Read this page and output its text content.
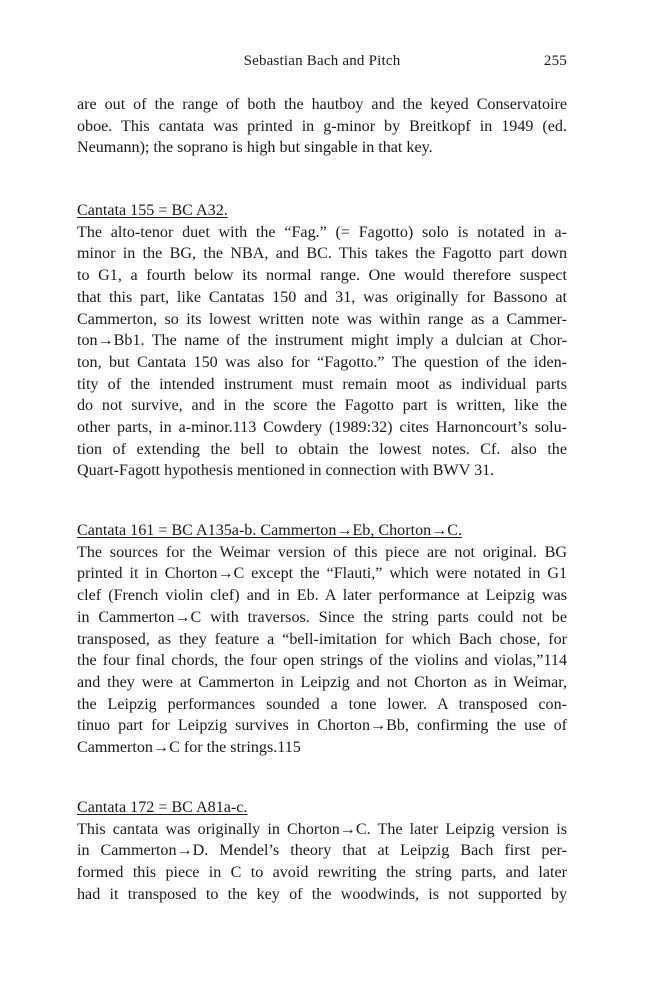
Sebastian Bach and Pitch	255

are out of the range of both the hautboy and the keyed Conservatoire
oboe. This cantata was printed in g-minor by Breitkopf in 1949 (ed.
Neumann); the soprano is high but singable in that key.

Cantata 155 = BC A32.

The alto-tenor duet with the “Fag.” (= Fagotto) solo is notated in a-
minor in the BG, the NBA, and BC. This takes the Fagotto part down
to G1, a fourth below its normal range. One would therefore suspect
that this part, like Cantatas 150 and 31, was originally for Bassono at
Cammerton, so its lowest written note was within range as a Cammer-
ton→Bb1. The name of the instrument might imply a dulcian at Chor-
ton, but Cantata 150 was also for “Fagotto.” The question of the iden-
tity of the intended instrument must remain moot as individual parts
do not survive, and in the score the Fagotto part is written, like the
other parts, in a-minor.113 Cowdery (1989:32) cites Harnoncourt’s solu-
tion of extending the bell to obtain the lowest notes. Cf. also the
Quart-Fagott hypothesis mentioned in connection with BWV 31.

Cantata 161 = BC A135a-b. Cammerton→Eb, Chorton→C.

The sources for the Weimar version of this piece are not original. BG
printed it in Chorton→C except the “Flauti,” which were notated in G1
clef (French violin clef) and in Eb. A later performance at Leipzig was
in Cammerton→C with traversos. Since the string parts could not be
transposed, as they feature a “bell-imitation for which Bach chose, for
the four final chords, the four open strings of the violins and violas,”114
and they were at Cammerton in Leipzig and not Chorton as in Weimar,
the Leipzig performances sounded a tone lower. A transposed con-
tinuo part for Leipzig survives in Chorton→Bb, confirming the use of
Cammerton→C for the strings.115

Cantata 172 = BC A81a-c.

This cantata was originally in Chorton→C. The later Leipzig version is
in Cammerton→D. Mendel’s theory that at Leipzig Bach first per-
formed this piece in C to avoid rewriting the string parts, and later
had it transposed to the key of the woodwinds, is not supported by
